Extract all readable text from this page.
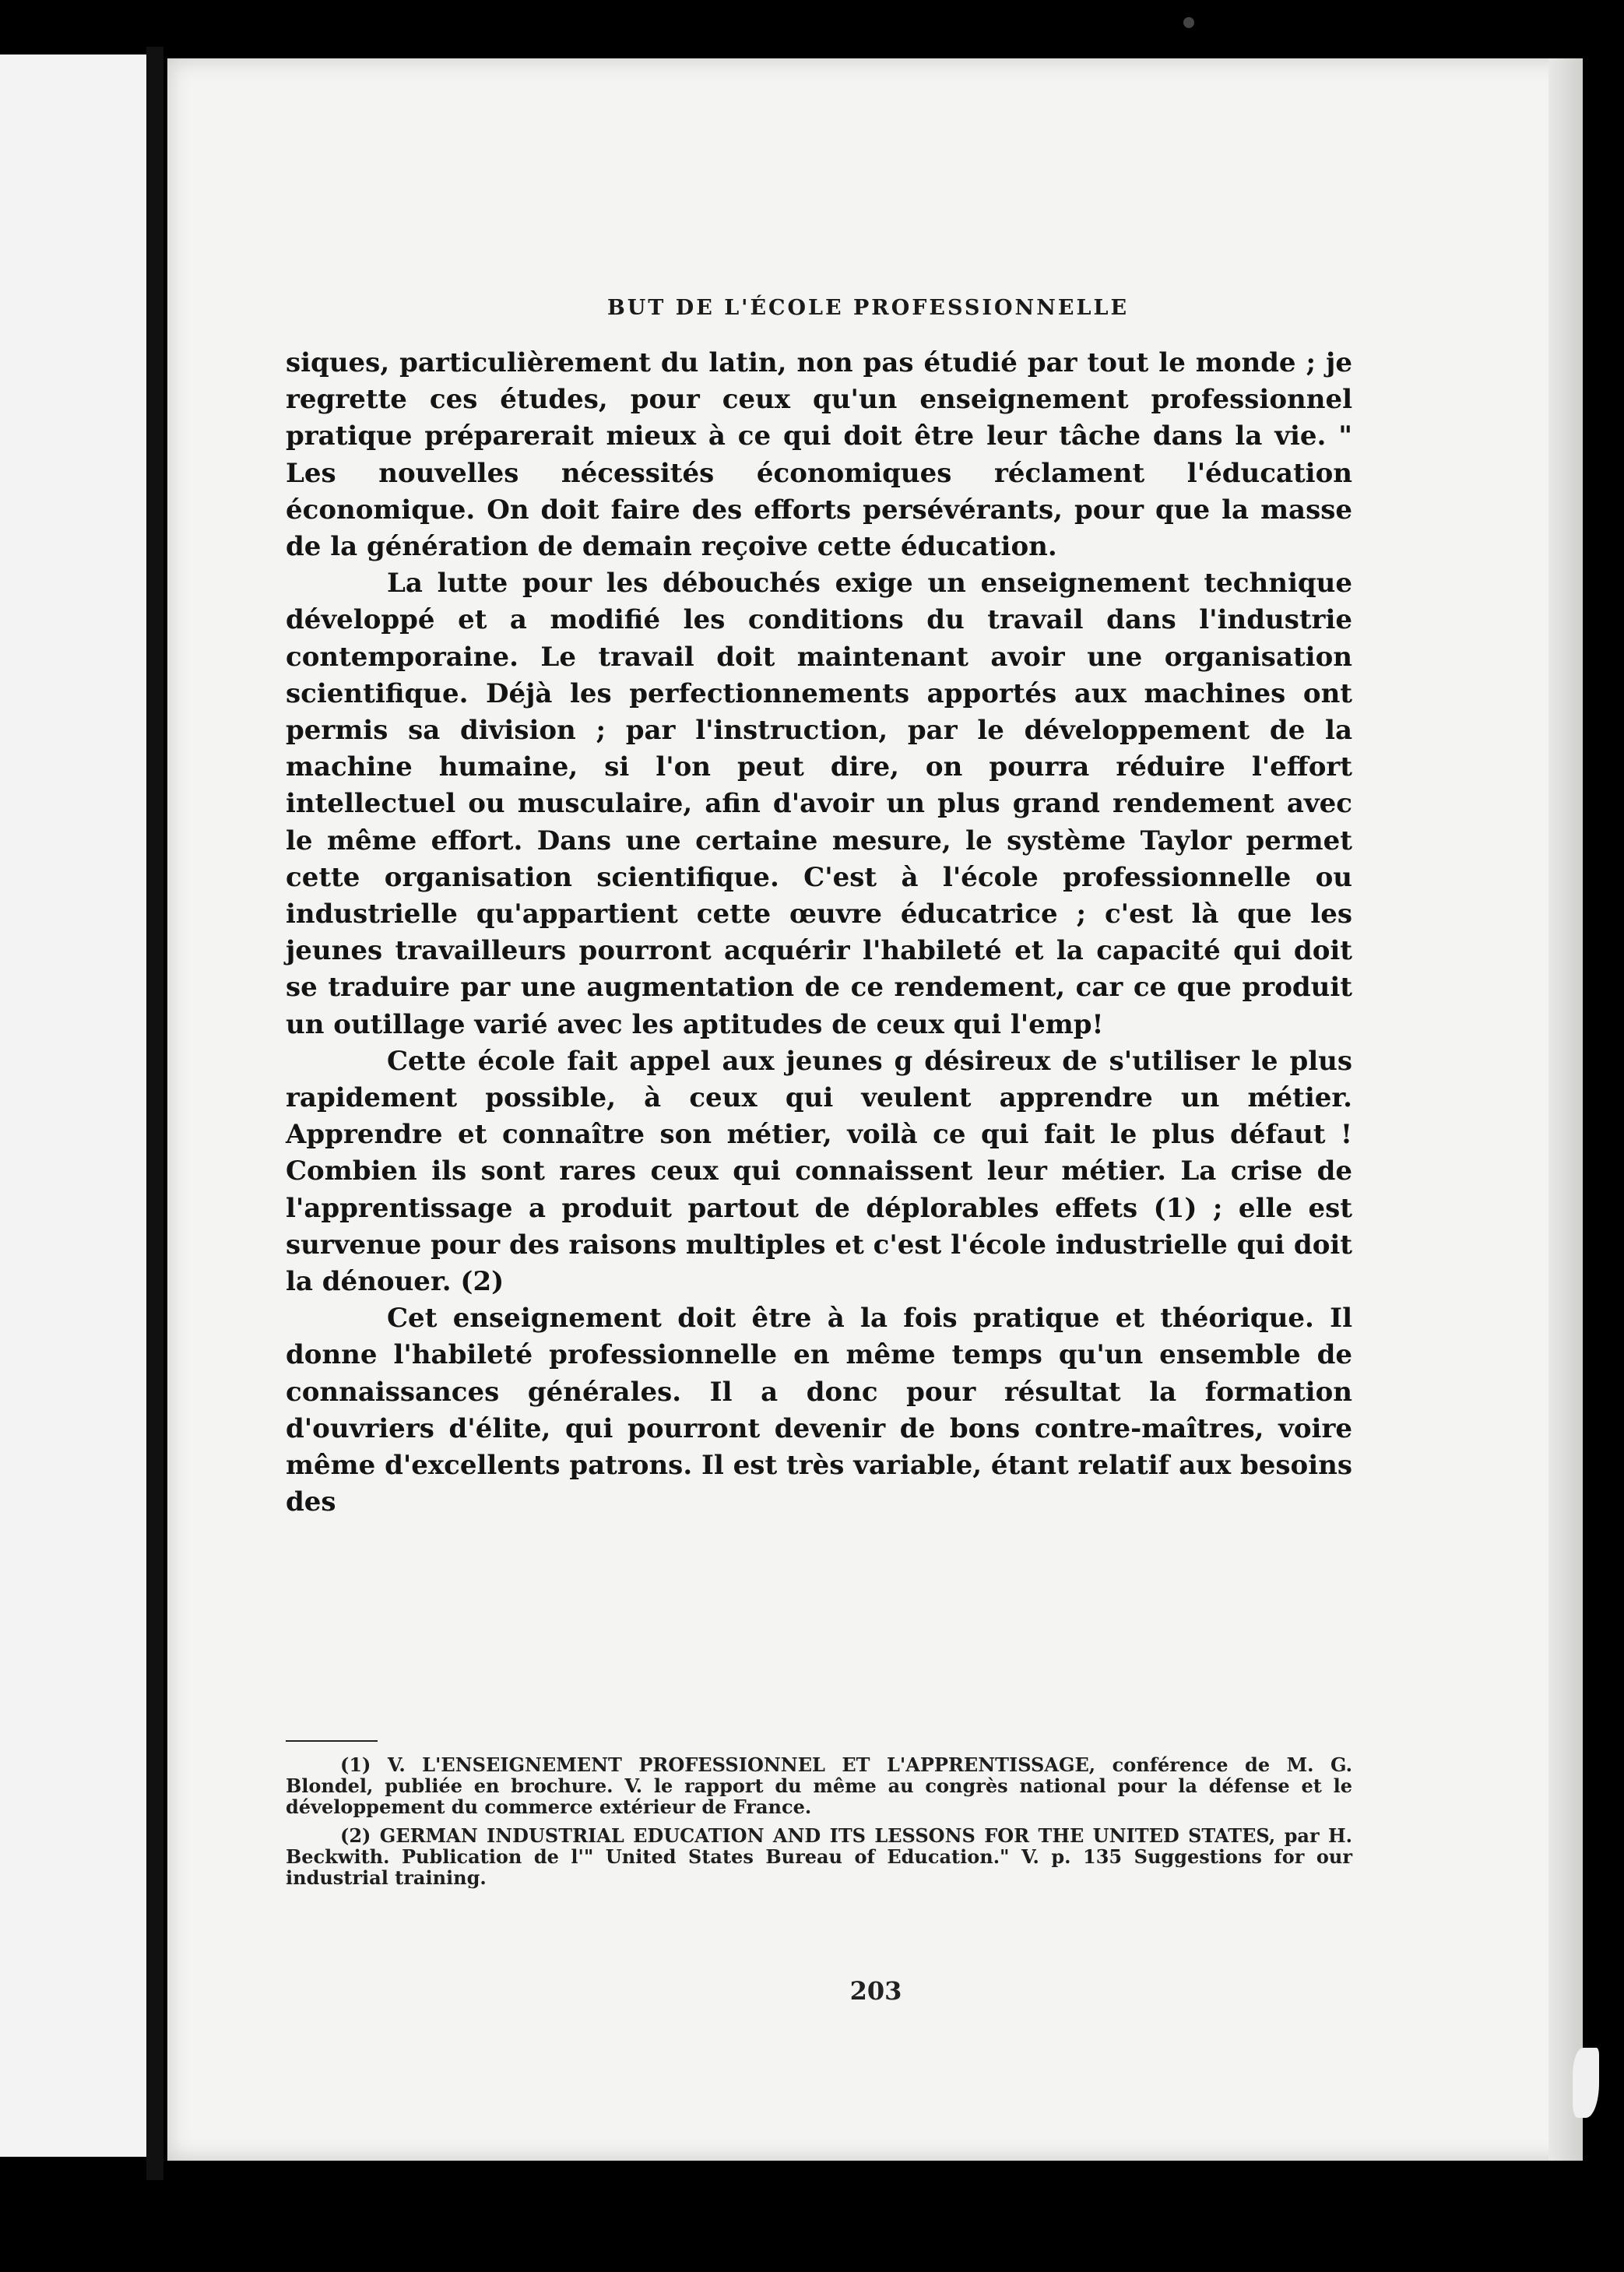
BUT DE L'ÉCOLE PROFESSIONNELLE

siques, particulièrement du latin, non pas étudié par tout le monde ; je regrette ces études, pour ceux qu'un enseignement professionnel pratique préparerait mieux à ce qui doit être leur tâche dans la vie. " Les nouvelles nécessités économiques réclament l'éducation économique. On doit faire des efforts persévérants, pour que la masse de la génération de demain reçoive cette éducation.

La lutte pour les débouchés exige un enseignement technique développé et a modifié les conditions du travail dans l'industrie contemporaine. Le travail doit maintenant avoir une organisation scientifique. Déjà les perfectionnements apportés aux machines ont permis sa division ; par l'instruction, par le développement de la machine humaine, si l'on peut dire, on pourra réduire l'effort intellectuel ou musculaire, afin d'avoir un plus grand rendement avec le même effort. Dans une certaine mesure, le système Taylor permet cette organisation scientifique. C'est à l'école professionnelle ou industrielle qu'appartient cette œuvre éducatrice ; c'est là que les jeunes travailleurs pourront acquérir l'habileté et la capacité qui doit se traduire par une augmentation de ce rendement, car ce que produit un outillage varié avec les aptitudes de ceux qui l'emp!

Cette école fait appel aux jeunes g désireux de s'utiliser le plus rapidement possible, à ceux qui veulent apprendre un métier. Apprendre et connaître son métier, voilà ce qui fait le plus défaut ! Combien ils sont rares ceux qui connaissent leur métier. La crise de l'apprentissage a produit partout de déplorables effets (1) ; elle est survenue pour des raisons multiples et c'est l'école industrielle qui doit la dénouer. (2)

Cet enseignement doit être à la fois pratique et théorique. Il donne l'habileté professionnelle en même temps qu'un ensemble de connaissances générales. Il a donc pour résultat la formation d'ouvriers d'élite, qui pourront devenir de bons contre-maîtres, voire même d'excellents patrons. Il est très variable, étant relatif aux besoins des

(1) V. L'ENSEIGNEMENT PROFESSIONNEL ET L'APPRENTISSAGE, conférence de M. G. Blondel, publiée en brochure. V. le rapport du même au congrès national pour la défense et le développement du commerce extérieur de France.

(2) GERMAN INDUSTRIAL EDUCATION AND ITS LESSONS FOR THE UNITED STATES, par H. Beckwith. Publication de l'" United States Bureau of Education." V. p. 135 Suggestions for our industrial training.

203
